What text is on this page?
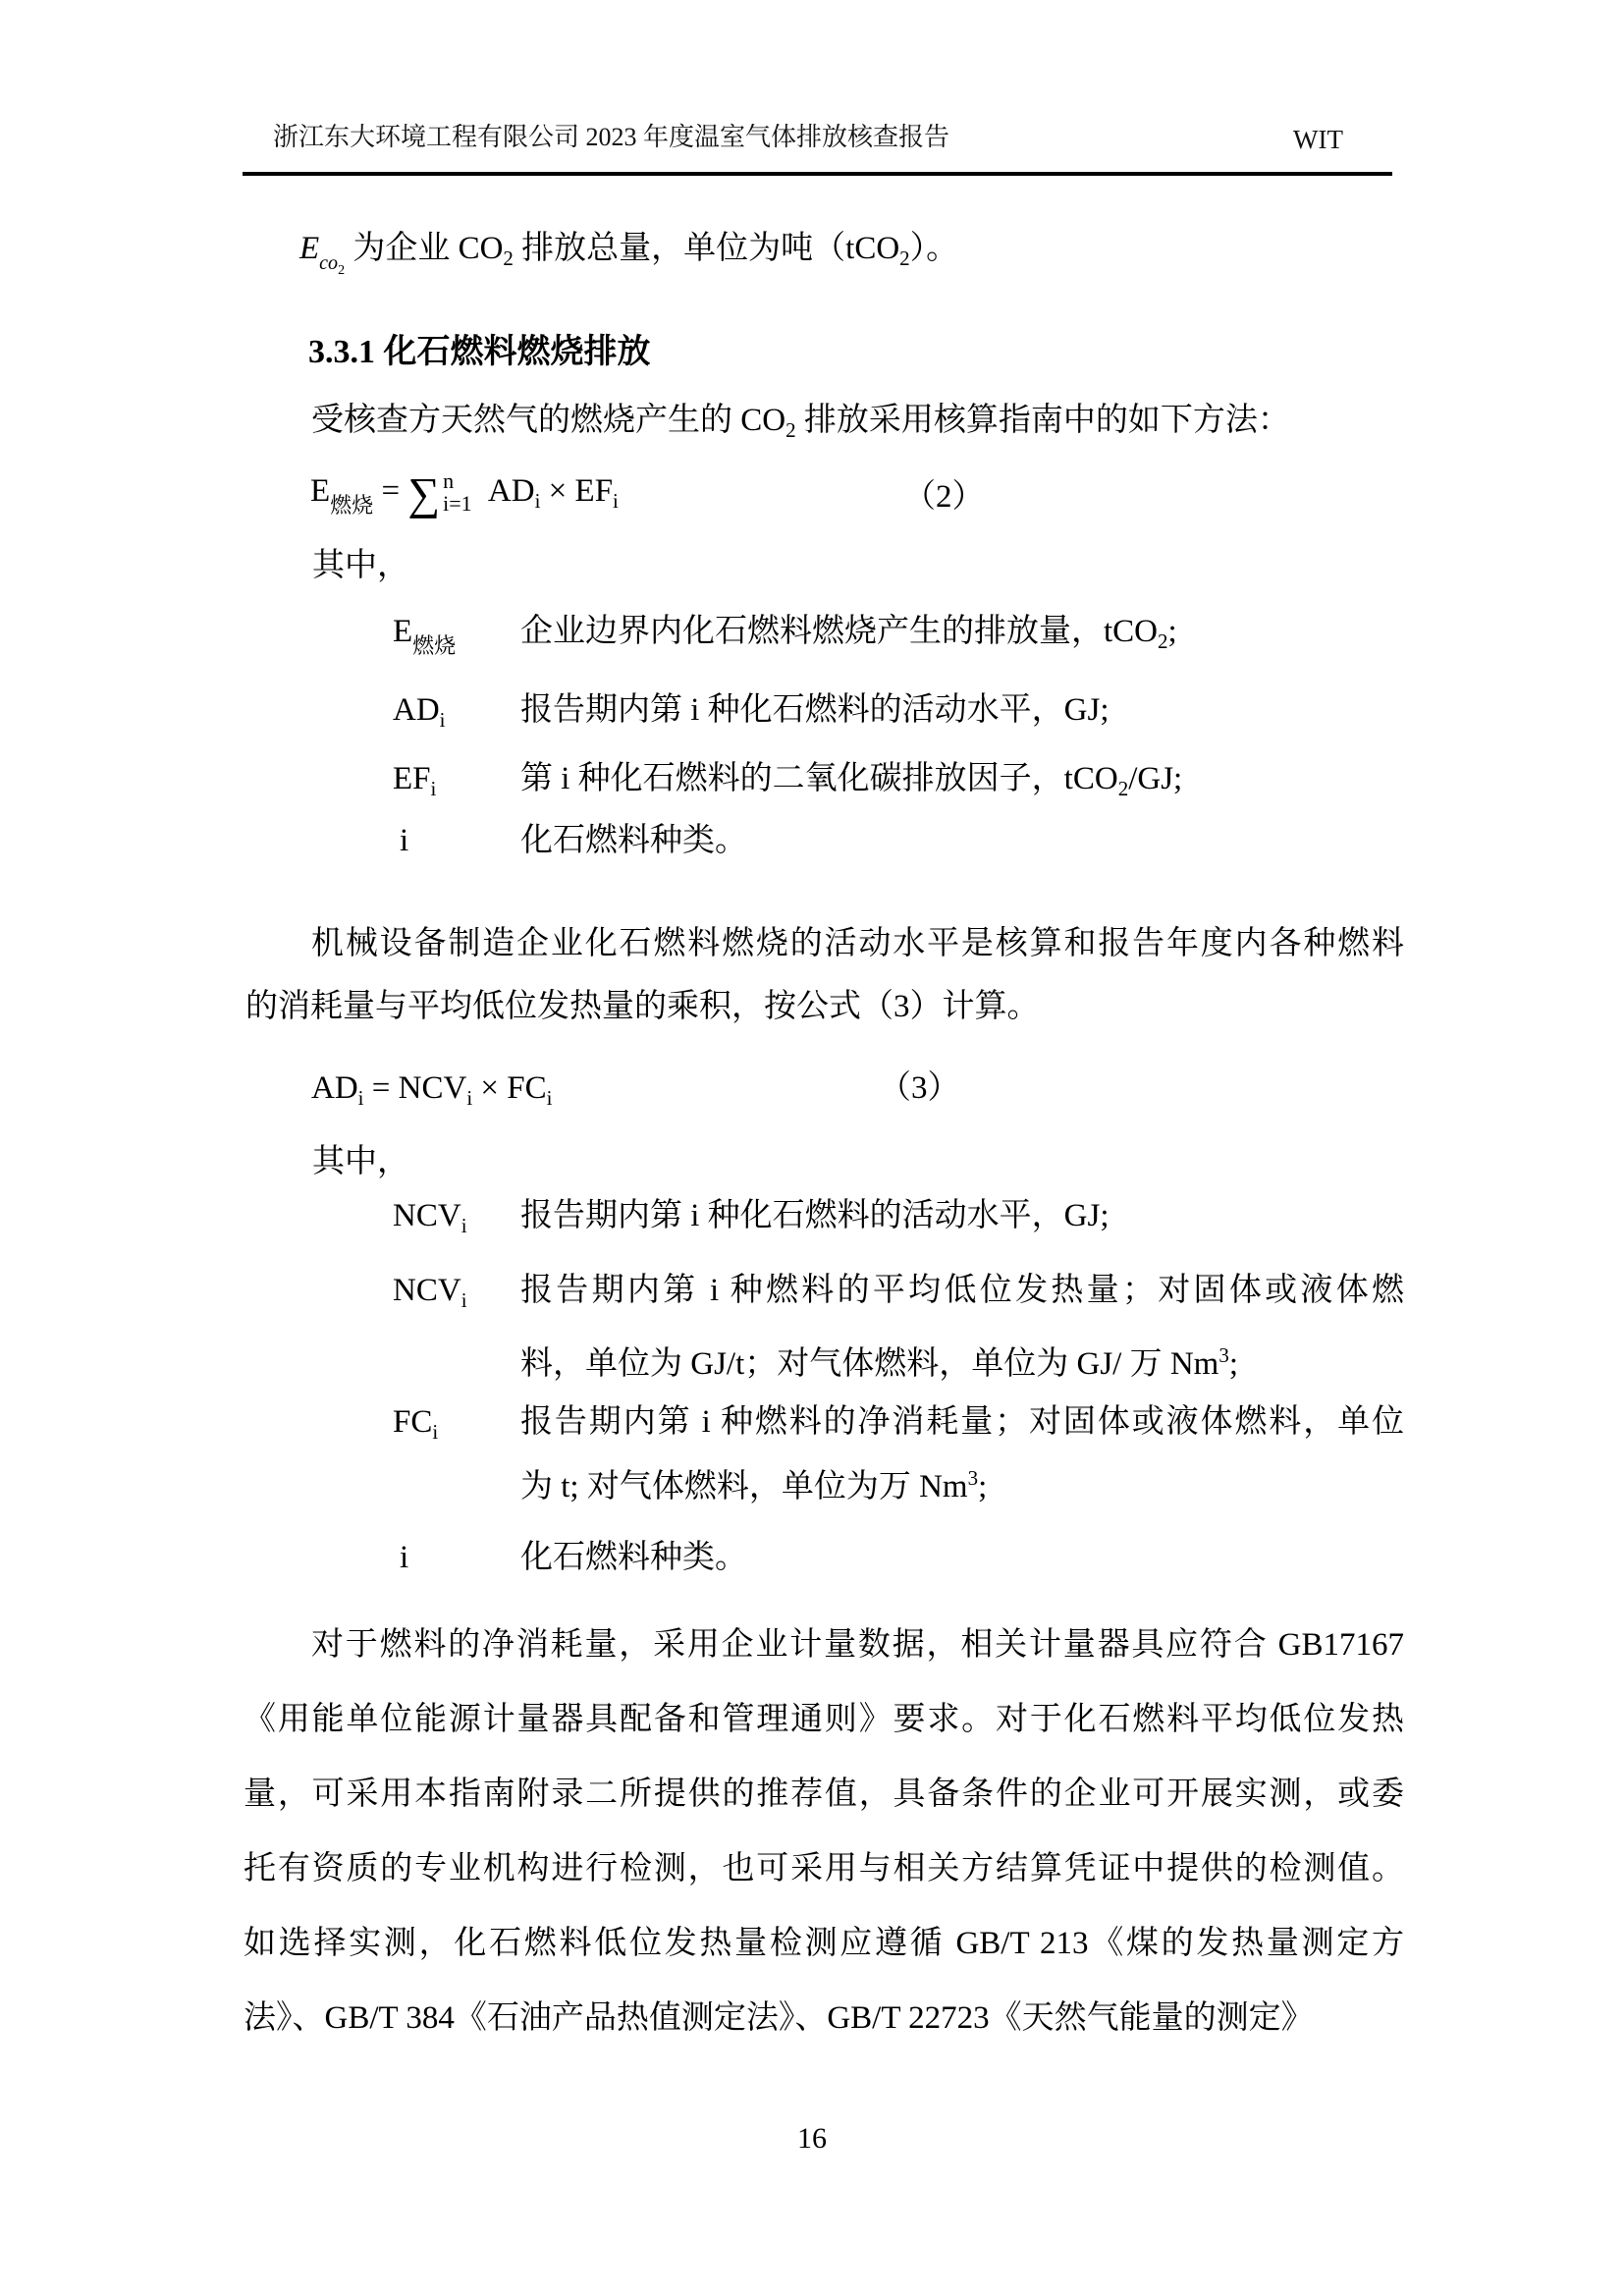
浙江东大环境工程有限公司 2023 年度温室气体排放核查报告	WIT
$E_{co2}$ 为企业 $CO_2$ 排放总量，单位为吨（tCO$_2$）。
3.3.1 化石燃料燃烧排放
受核查方天然气的燃烧产生的 $CO_2$ 排放采用核算指南中的如下方法：
$E_{燃烧}$ = ∑ n
i=1 $AD_i \times EF_i$	（2）
其中，
$E_{燃烧}$ 企业边界内化石燃料燃烧产生的排放量，tCO$_2$;
$AD_i$ 报告期内第 i 种化石燃料的活动水平，GJ;
$EF_i$	第 i 种化石燃料的二氧化碳排放因子，tCO$_2$/GJ;
i	化石燃料种类。
机械设备制造企业化石燃料燃烧的活动水平是核算和报告年度内各种燃料
的消耗量与平均低位发热量的乘积，按公式（3）计算。
$AD_i = NCV_i \times FC_i$	（3）
其中，
$NCV_i$ 报告期内第 i 种化石燃料的活动水平，GJ;
$NCV_i$ 报告期内第 i 种燃料的平均低位发热量；对固体或液体燃
料，单位为 GJ/t；对气体燃料，单位为 GJ/ 万 Nm$^3$;
$FC_i$	报告期内第 i 种燃料的净消耗量；对固体或液体燃料，单位
为 t; 对气体燃料，单位为万 Nm$^3$;
i	化石燃料种类。
对于燃料的净消耗量，采用企业计量数据，相关计量器具应符合 GB17167
《用能单位能源计量器具配备和管理通则》要求。对于化石燃料平均低位发热
量，可采用本指南附录二所提供的推荐值，具备条件的企业可开展实测，或委
托有资质的专业机构进行检测，也可采用与相关方结算凭证中提供的检测值。
如选择实测，化石燃料低位发热量检测应遵循 GB/T 213《煤的发热量测定方
法》、GB/T 384《石油产品热值测定法》、GB/T 22723《天然气能量的测定》
16
